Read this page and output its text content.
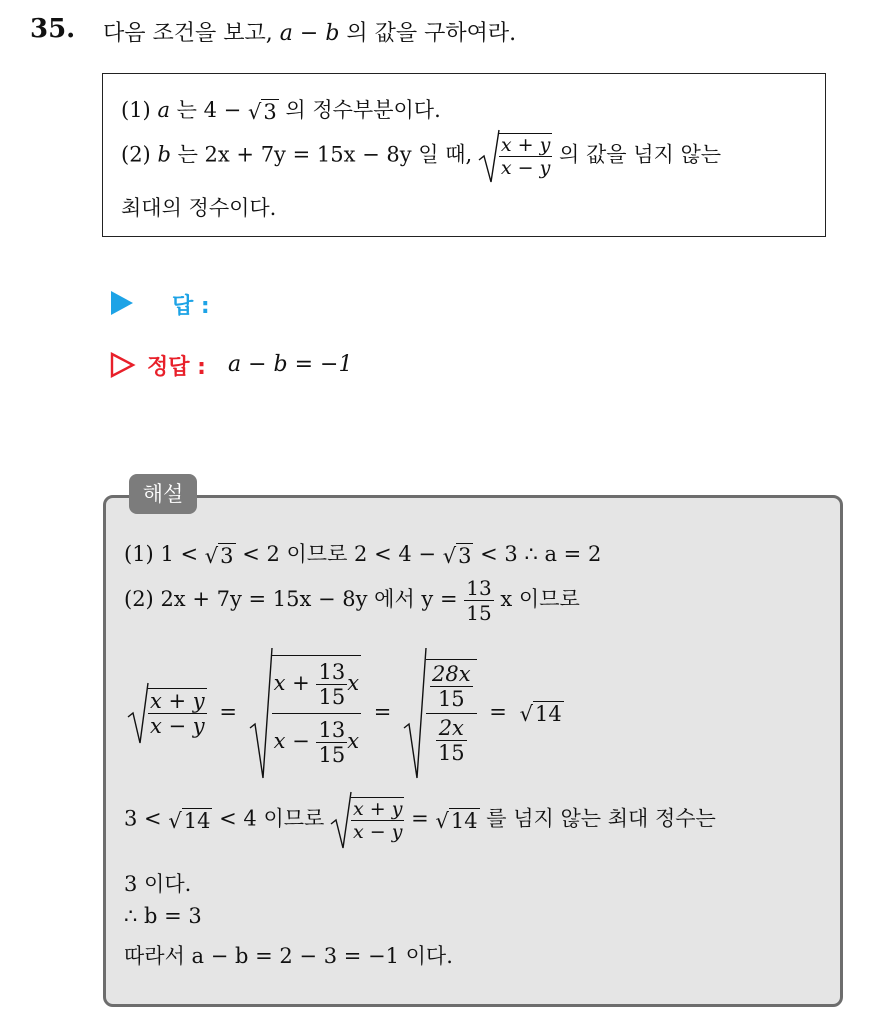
35. 다음 조건을 보고, a − b 의 값을 구하여라.
(1) a 는 4 − √3 의 정수부분이다.
(2) b 는 2x + 7y = 15x − 8y 일 때, $\frac{x + y}{x - y}$ 의 값을 넘지 않는
최대의 정수이다.
답 :
정답 : a − b = −1
(1) 1 < √3 < 2 이므로 2 < 4 − √3 < 3 ∴ a = 2
(2) 2x + 7y = 15x − 8y 에서 $y = \frac{13}{15}$ x 이므로
$\frac{x + y}{x - y} = \frac{x + \frac{13}{15} x}{x - \frac{13}{15} x} = \frac{\frac{28x}{15}}{\frac{2x}{15}} = √14$
3 < √14 < 4 이므로 $\frac{x + y}{x - y} = √14$ 를 넘지 않는 최대 정수는
3 이다.
∴ b = 3
따라서 a − b = 2 − 3 = −1 이다.
해설
